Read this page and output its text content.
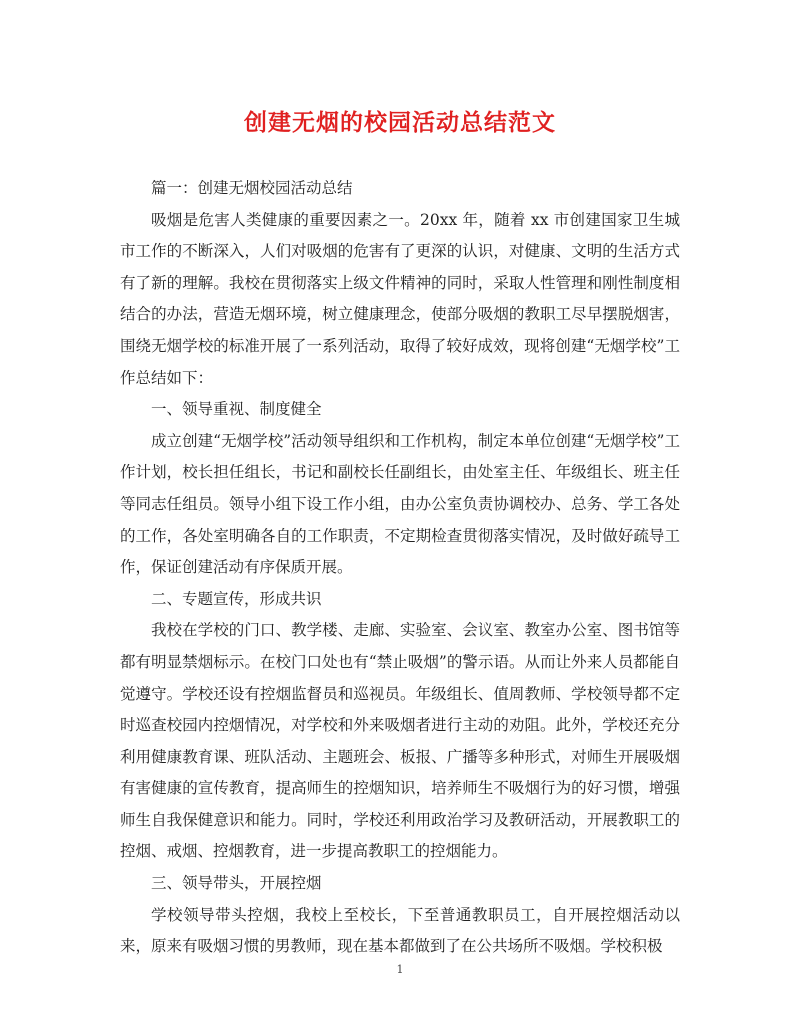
创建无烟的校园活动总结范文

篇一：创建无烟校园活动总结

吸烟是危害人类健康的重要因素之一。20xx 年，随着 xx 市创建国家卫生城市工作的不断深入，人们对吸烟的危害有了更深的认识，对健康、文明的生活方式有了新的理解。我校在贯彻落实上级文件精神的同时，采取人性管理和刚性制度相结合的办法，营造无烟环境，树立健康理念，使部分吸烟的教职工尽早摆脱烟害，围绕无烟学校的标准开展了一系列活动，取得了较好成效，现将创建“无烟学校”工作总结如下：

一、领导重视、制度健全

成立创建“无烟学校”活动领导组织和工作机构，制定本单位创建“无烟学校”工作计划，校长担任组长，书记和副校长任副组长，由处室主任、年级组长、班主任等同志任组员。领导小组下设工作小组，由办公室负责协调校办、总务、学工各处的工作，各处室明确各自的工作职责，不定期检查贯彻落实情况，及时做好疏导工作，保证创建活动有序保质开展。

二、专题宣传，形成共识

我校在学校的门口、教学楼、走廊、实验室、会议室、教室办公室、图书馆等都有明显禁烟标示。在校门口处也有“禁止吸烟”的警示语。从而让外来人员都能自觉遵守。学校还设有控烟监督员和巡视员。年级组长、值周教师、学校领导都不定时巡查校园内控烟情况，对学校和外来吸烟者进行主动的劝阻。此外，学校还充分利用健康教育课、班队活动、主题班会、板报、广播等多种形式，对师生开展吸烟有害健康的宣传教育，提高师生的控烟知识，培养师生不吸烟行为的好习惯，增强师生自我保健意识和能力。同时，学校还利用政治学习及教研活动，开展教职工的控烟、戒烟、控烟教育，进一步提高教职工的控烟能力。

三、领导带头，开展控烟

学校领导带头控烟，我校上至校长，下至普通教职员工，自开展控烟活动以来，原来有吸烟习惯的男教师，现在基本都做到了在公共场所不吸烟。学校积极

1
